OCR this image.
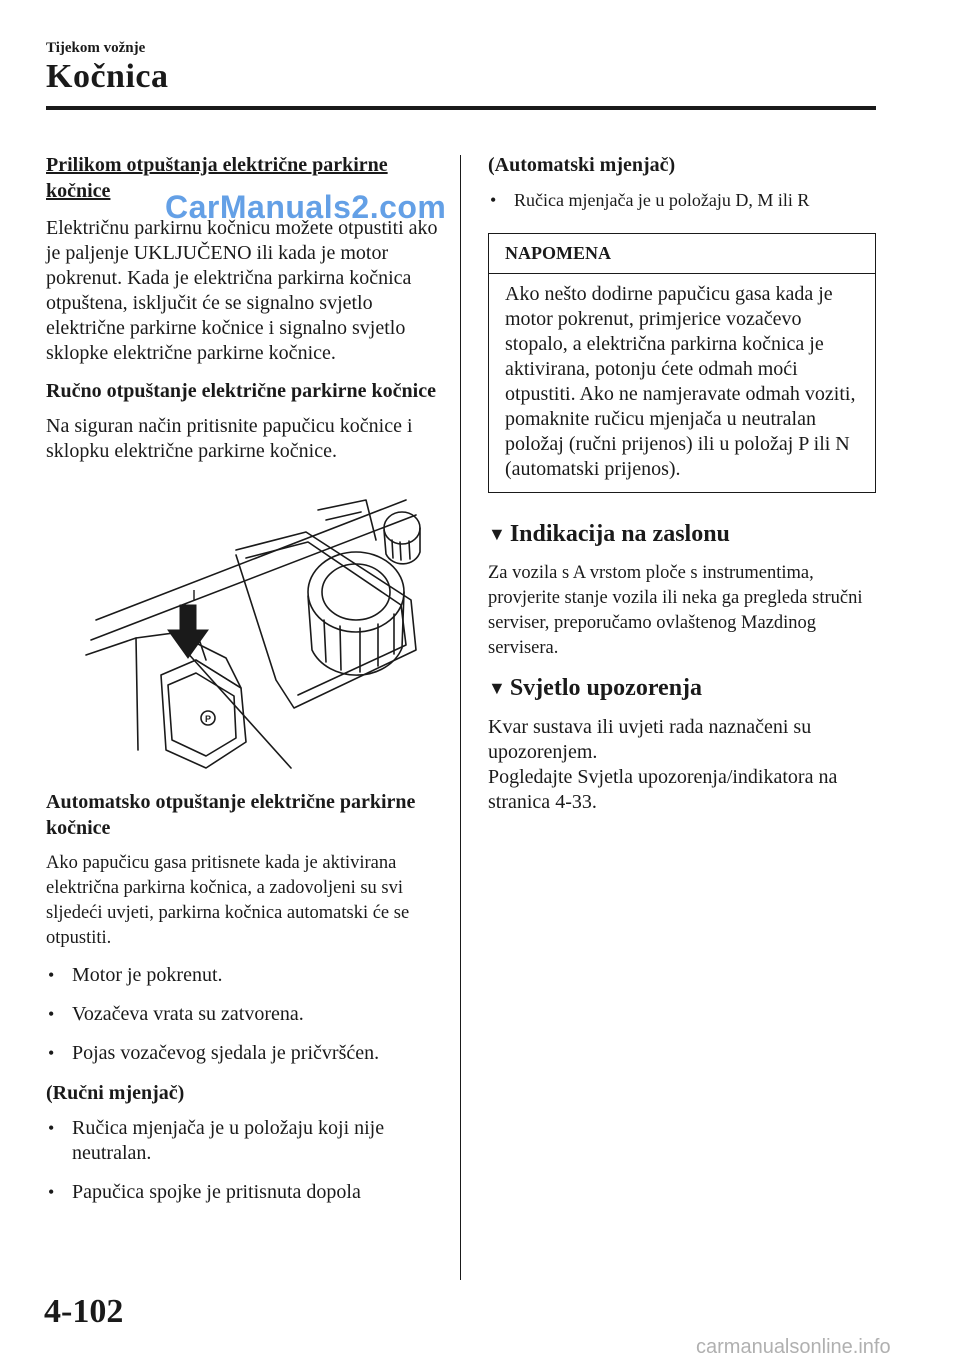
Tijekom vožnje
Kočnica

Prilikom otpuštanja električne parkirne kočnice

Električnu parkirnu kočnicu možete otpustiti ako je paljenje UKLJUČENO ili kada je motor pokrenut. Kada je električna parkirna kočnica otpuštena, isključit će se signalno svjetlo električne parkirne kočnice i signalno svjetlo sklopke električne parkirne kočnice.

Ručno otpuštanje električne parkirne kočnice

Na siguran način pritisnite papučicu kočnice i sklopku električne parkirne kočnice.

P

Automatsko otpuštanje električne parkirne kočnice

Ako papučicu gasa pritisnete kada je aktivirana električna parkirna kočnica, a zadovoljeni su svi sljedeći uvjeti, parkirna kočnica automatski će se otpustiti.

• Motor je pokrenut.
• Vozačeva vrata su zatvorena.
• Pojas vozačevog sjedala je pričvršćen.

(Ručni mjenjač)

• Ručica mjenjača je u položaju koji nije neutralan.
• Papučica spojke je pritisnuta dopola

(Automatski mjenjač)

• Ručica mjenjača je u položaju D, M ili R
NAPOMENA
Ako nešto dodirne papučicu gasa kada je motor pokrenut, primjerice vozačevo stopalo, a električna parkirna kočnica je aktivirana, potonju ćete odmah moći otpustiti. Ako ne namjeravate odmah voziti, pomaknite ručicu mjenjača u neutralan položaj (ručni prijenos) ili u položaj P ili N (automatski prijenos).
▼ Indikacija na zaslonu

Za vozila s A vrstom ploče s instrumentima, provjerite stanje vozila ili neka ga pregleda stručni serviser, preporučamo ovlaštenog Mazdinog servisera.

▼ Svjetlo upozorenja

Kvar sustava ili uvjeti rada naznačeni su upozorenjem.
Pogledajte Svjetla upozorenja/indikatora na stranica 4-33.

4-102
CarManuals2.com
carmanualsonline.info
